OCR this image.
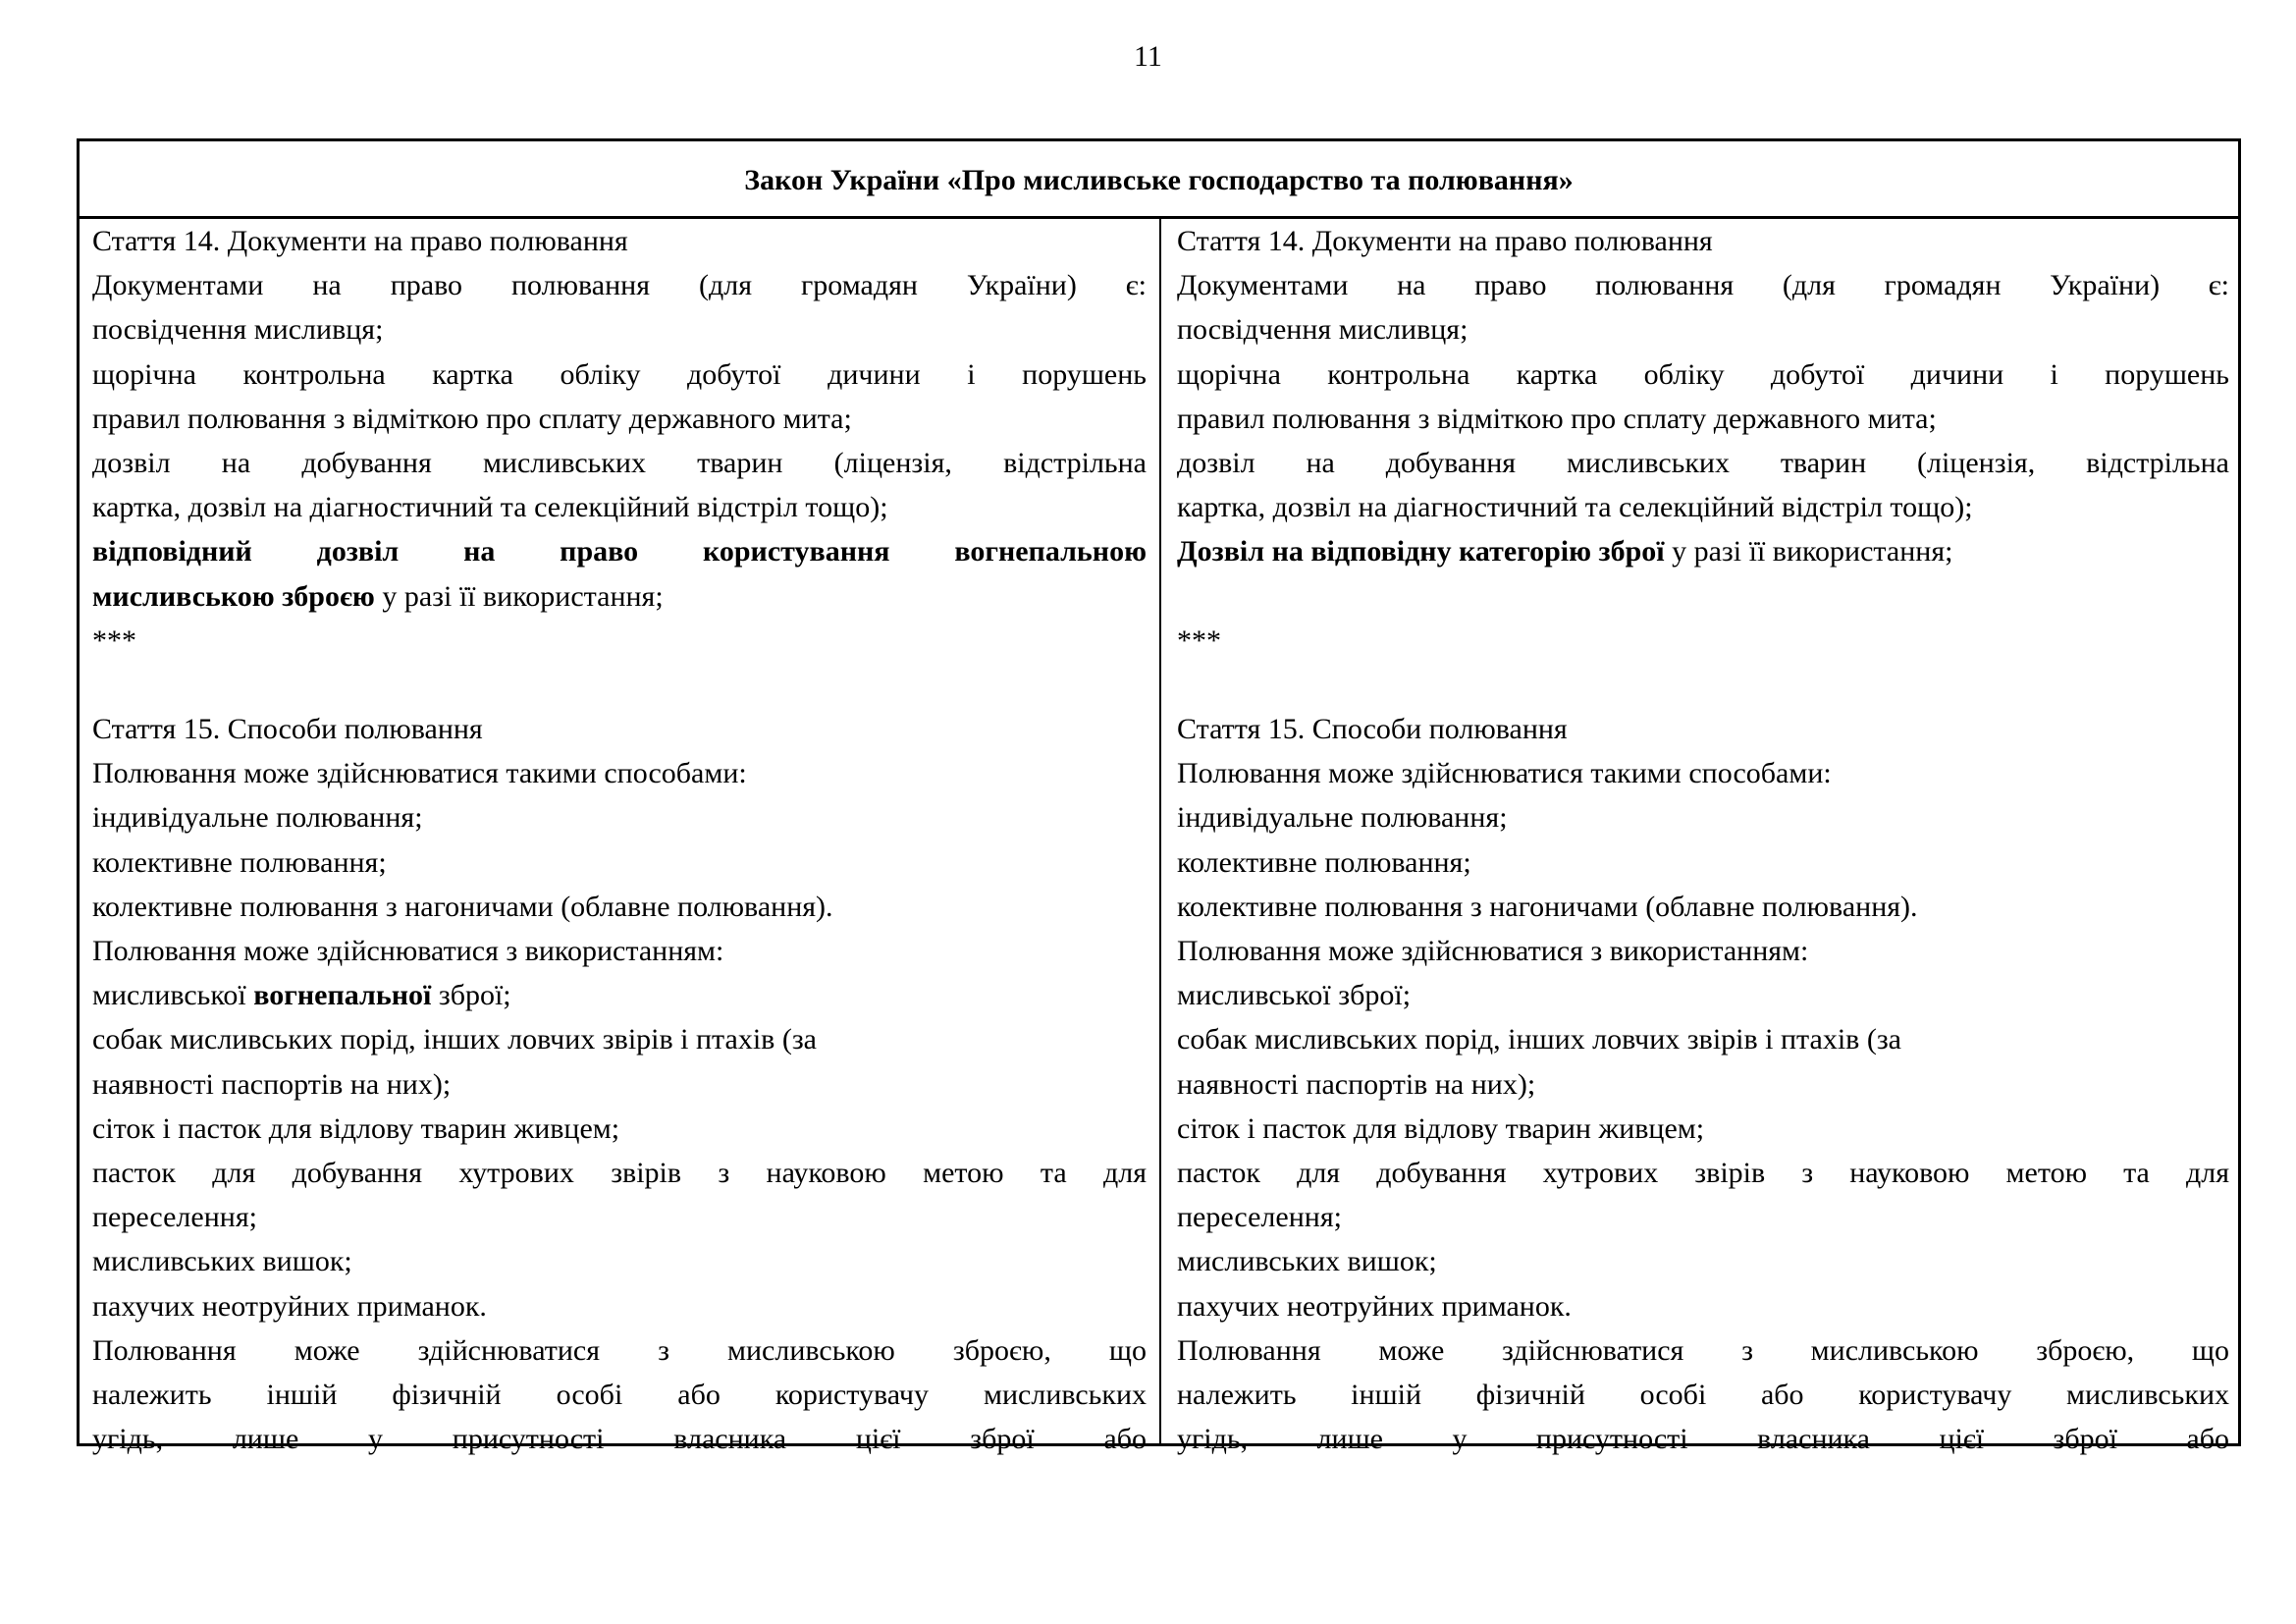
11
Закон України «Про мисливське господарство та полювання»
Стаття 14. Документи на право полювання
Документами на право полювання (для громадян України) є:
посвідчення мисливця;
щорічна контрольна картка обліку добутої дичини і порушень
правил полювання з відміткою про сплату державного мита;
дозвіл на добування мисливських тварин (ліцензія, відстрільна
картка, дозвіл на діагностичний та селекційний відстріл тощо);
відповідний дозвіл на право користування вогнепальною
мисливською зброєю у разі її використання;
***
Стаття 15. Способи полювання
Полювання може здійснюватися такими способами:
індивідуальне полювання;
колективне полювання;
колективне полювання з нагоничами (облавне полювання).
Полювання може здійснюватися з використанням:
мисливської вогнепальної зброї;
собак мисливських порід, інших ловчих звірів і птахів (за
наявності паспортів на них);
сіток і пасток для відлову тварин живцем;
пасток для добування хутрових звірів з науковою метою та для
переселення;
мисливських вишок;
пахучих неотруйних приманок.
Полювання може здійснюватися з мисливською зброєю, що
належить іншій фізичній особі або користувачу мисливських
угідь, лише у присутності власника цієї зброї або
Стаття 14. Документи на право полювання
Документами на право полювання (для громадян України) є:
посвідчення мисливця;
щорічна контрольна картка обліку добутої дичини і порушень
правил полювання з відміткою про сплату державного мита;
дозвіл на добування мисливських тварин (ліцензія, відстрільна
картка, дозвіл на діагностичний та селекційний відстріл тощо);
Дозвіл на відповідну категорію зброї у разі її використання;
***
Стаття 15. Способи полювання
Полювання може здійснюватися такими способами:
індивідуальне полювання;
колективне полювання;
колективне полювання з нагоничами (облавне полювання).
Полювання може здійснюватися з використанням:
мисливської зброї;
собак мисливських порід, інших ловчих звірів і птахів (за
наявності паспортів на них);
сіток і пасток для відлову тварин живцем;
пасток для добування хутрових звірів з науковою метою та для
переселення;
мисливських вишок;
пахучих неотруйних приманок.
Полювання може здійснюватися з мисливською зброєю, що
належить іншій фізичній особі або користувачу мисливських
угідь, лише у присутності власника цієї зброї або
